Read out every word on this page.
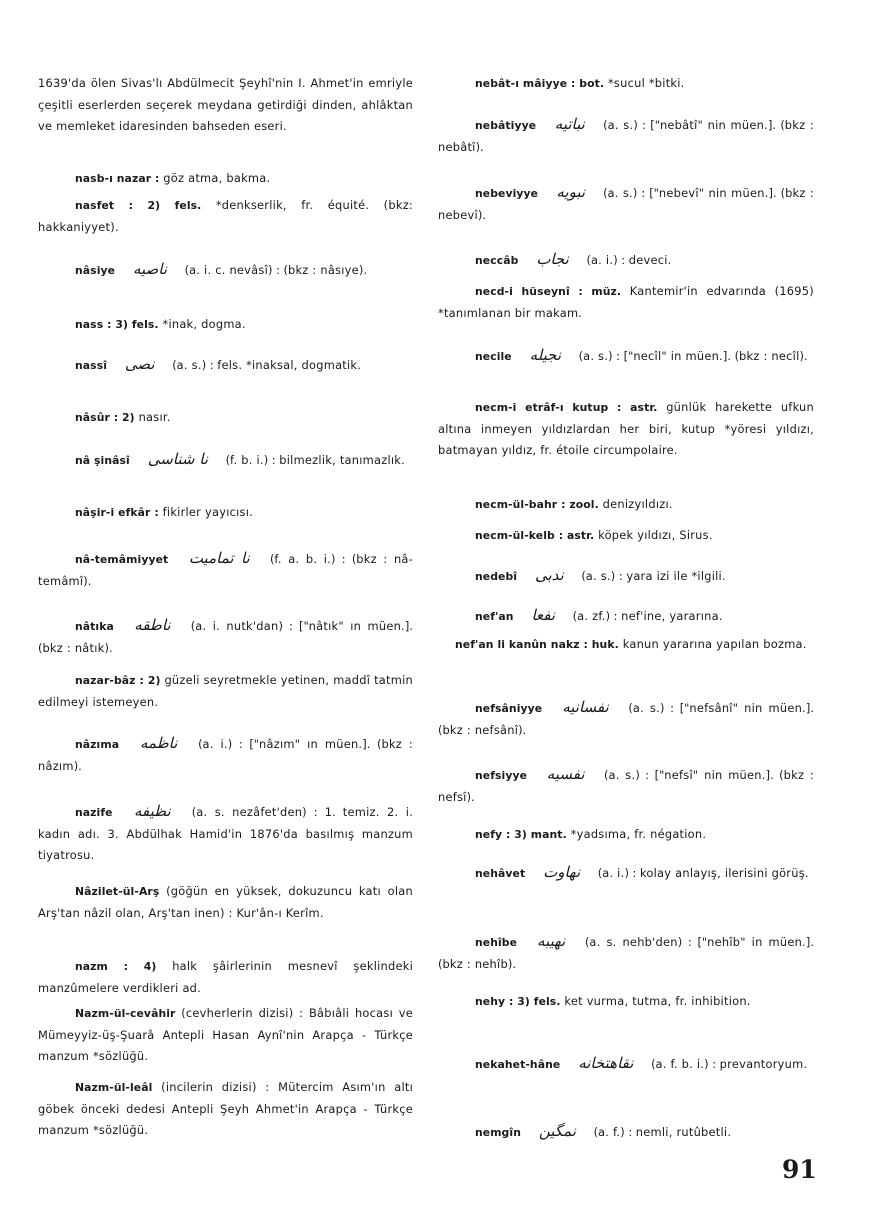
1639'da ölen Sivas'lı Abdülmecit Şeyhî'nin I. Ahmet'in emriyle çeşitli eserlerden seçerek meydana getirdiği dinden, ahlâktan ve memleket idaresinden bahseden eseri.

nasb-ı nazar : göz atma, bakma.

nasfet : 2) fels. *denkserlik, fr. équité. (bkz: hakkaniyyet).

nâsiye ناصيه (a. i. c. nevâsî) : (bkz : nâsıye).

nass : 3) fels. *inak, dogma.

nassî نصى (a. s.) : fels. *inaksal, dogmatik.

nâsûr : 2) nasır.

nâ şinâsî نا شناسى (f. b. i.) : bilmezlik, tanımazlık.

nâşir-i efkâr : fikirler yayıcısı.

nâ-temâmiyyet نا تماميت (f. a. b. i.) : (bkz : nâ-temâmî).

nâtıka ناطقه (a. i. nutk'dan) : ["nâtık" ın müen.]. (bkz : nâtık).

nazar-bâz : 2) güzeli seyretmekle yetinen, maddî tatmin edilmeyi istemeyen.

nâzıma ناظمه (a. i.) : ["nâzım" ın müen.]. (bkz : nâzım).

nazife نظيفه (a. s. nezâfet'den) : 1. temiz. 2. i. kadın adı. 3. Abdülhak Hamid'in 1876'da basılmış manzum tiyatrosu.

Nâzilet-ül-Arş (göğün en yüksek, dokuzuncu katı olan Arş'tan nâzil olan, Arş'tan inen) : Kur'ân-ı Kerîm.

nazm : 4) halk şâirlerinin mesnevî şeklindeki manzûmelere verdikleri ad.

Nazm-ül-cevâhir (cevherlerin dizisi) : Bâbıâli hocası ve Mümeyyiz-üş-Şuarâ Antepli Hasan Aynî'nin Arapça - Türkçe manzum *sözlüğü.

Nazm-ül-leâl (incilerin dizisi) : Mütercim Asım'ın altı göbek önceki dedesi Antepli Şeyh Ahmet'in Arapça - Türkçe manzum *sözlüğü.

nebât-ı mâiyye : bot. *sucul *bitki.

nebâtiyye نباتيه (a. s.) : ["nebâtî" nin müen.]. (bkz : nebâtî).

nebeviyye نبويه (a. s.) : ["nebevî" nin müen.]. (bkz : nebevî).

neccâb نجاب (a. i.) : deveci.

necd-i hüseynî : müz. Kantemir'in edvarında (1695) *tanımlanan bir makam.

necile نجيله (a. s.) : ["necîl" in müen.]. (bkz : necîl).

necm-i etrâf-ı kutup : astr. günlük harekette ufkun altına inmeyen yıldızlardan her biri, kutup *yöresi yıldızı, batmayan yıldız, fr. étoile circumpolaire.

necm-ül-bahr : zool. denizyıldızı.

necm-ül-kelb : astr. köpek yıldızı, Sirus.

nedebî ندبى (a. s.) : yara izi ile *ilgili.

nef'an نفعا (a. zf.) : nef'ine, yararına.

nef'an li kanûn nakz : huk. kanun yararına yapılan bozma.

nefsâniyye نفسانيه (a. s.) : ["nefsânî" nin müen.]. (bkz : nefsânî).

nefsiyye نفسيه (a. s.) : ["nefsî" nin müen.]. (bkz : nefsî).

nefy : 3) mant. *yadsıma, fr. négation.

nehâvet نهاوت (a. i.) : kolay anlayış, ilerisini görüş.

nehîbe نهيبه (a. s. nehb'den) : ["nehîb" in müen.]. (bkz : nehîb).

nehy : 3) fels. ket vurma, tutma, fr. inhibition.

nekahet-hâne نقاهتخانه (a. f. b. i.) : prevantoryum.

nemgîn نمگين (a. f.) : nemli, rutûbetli.

91
